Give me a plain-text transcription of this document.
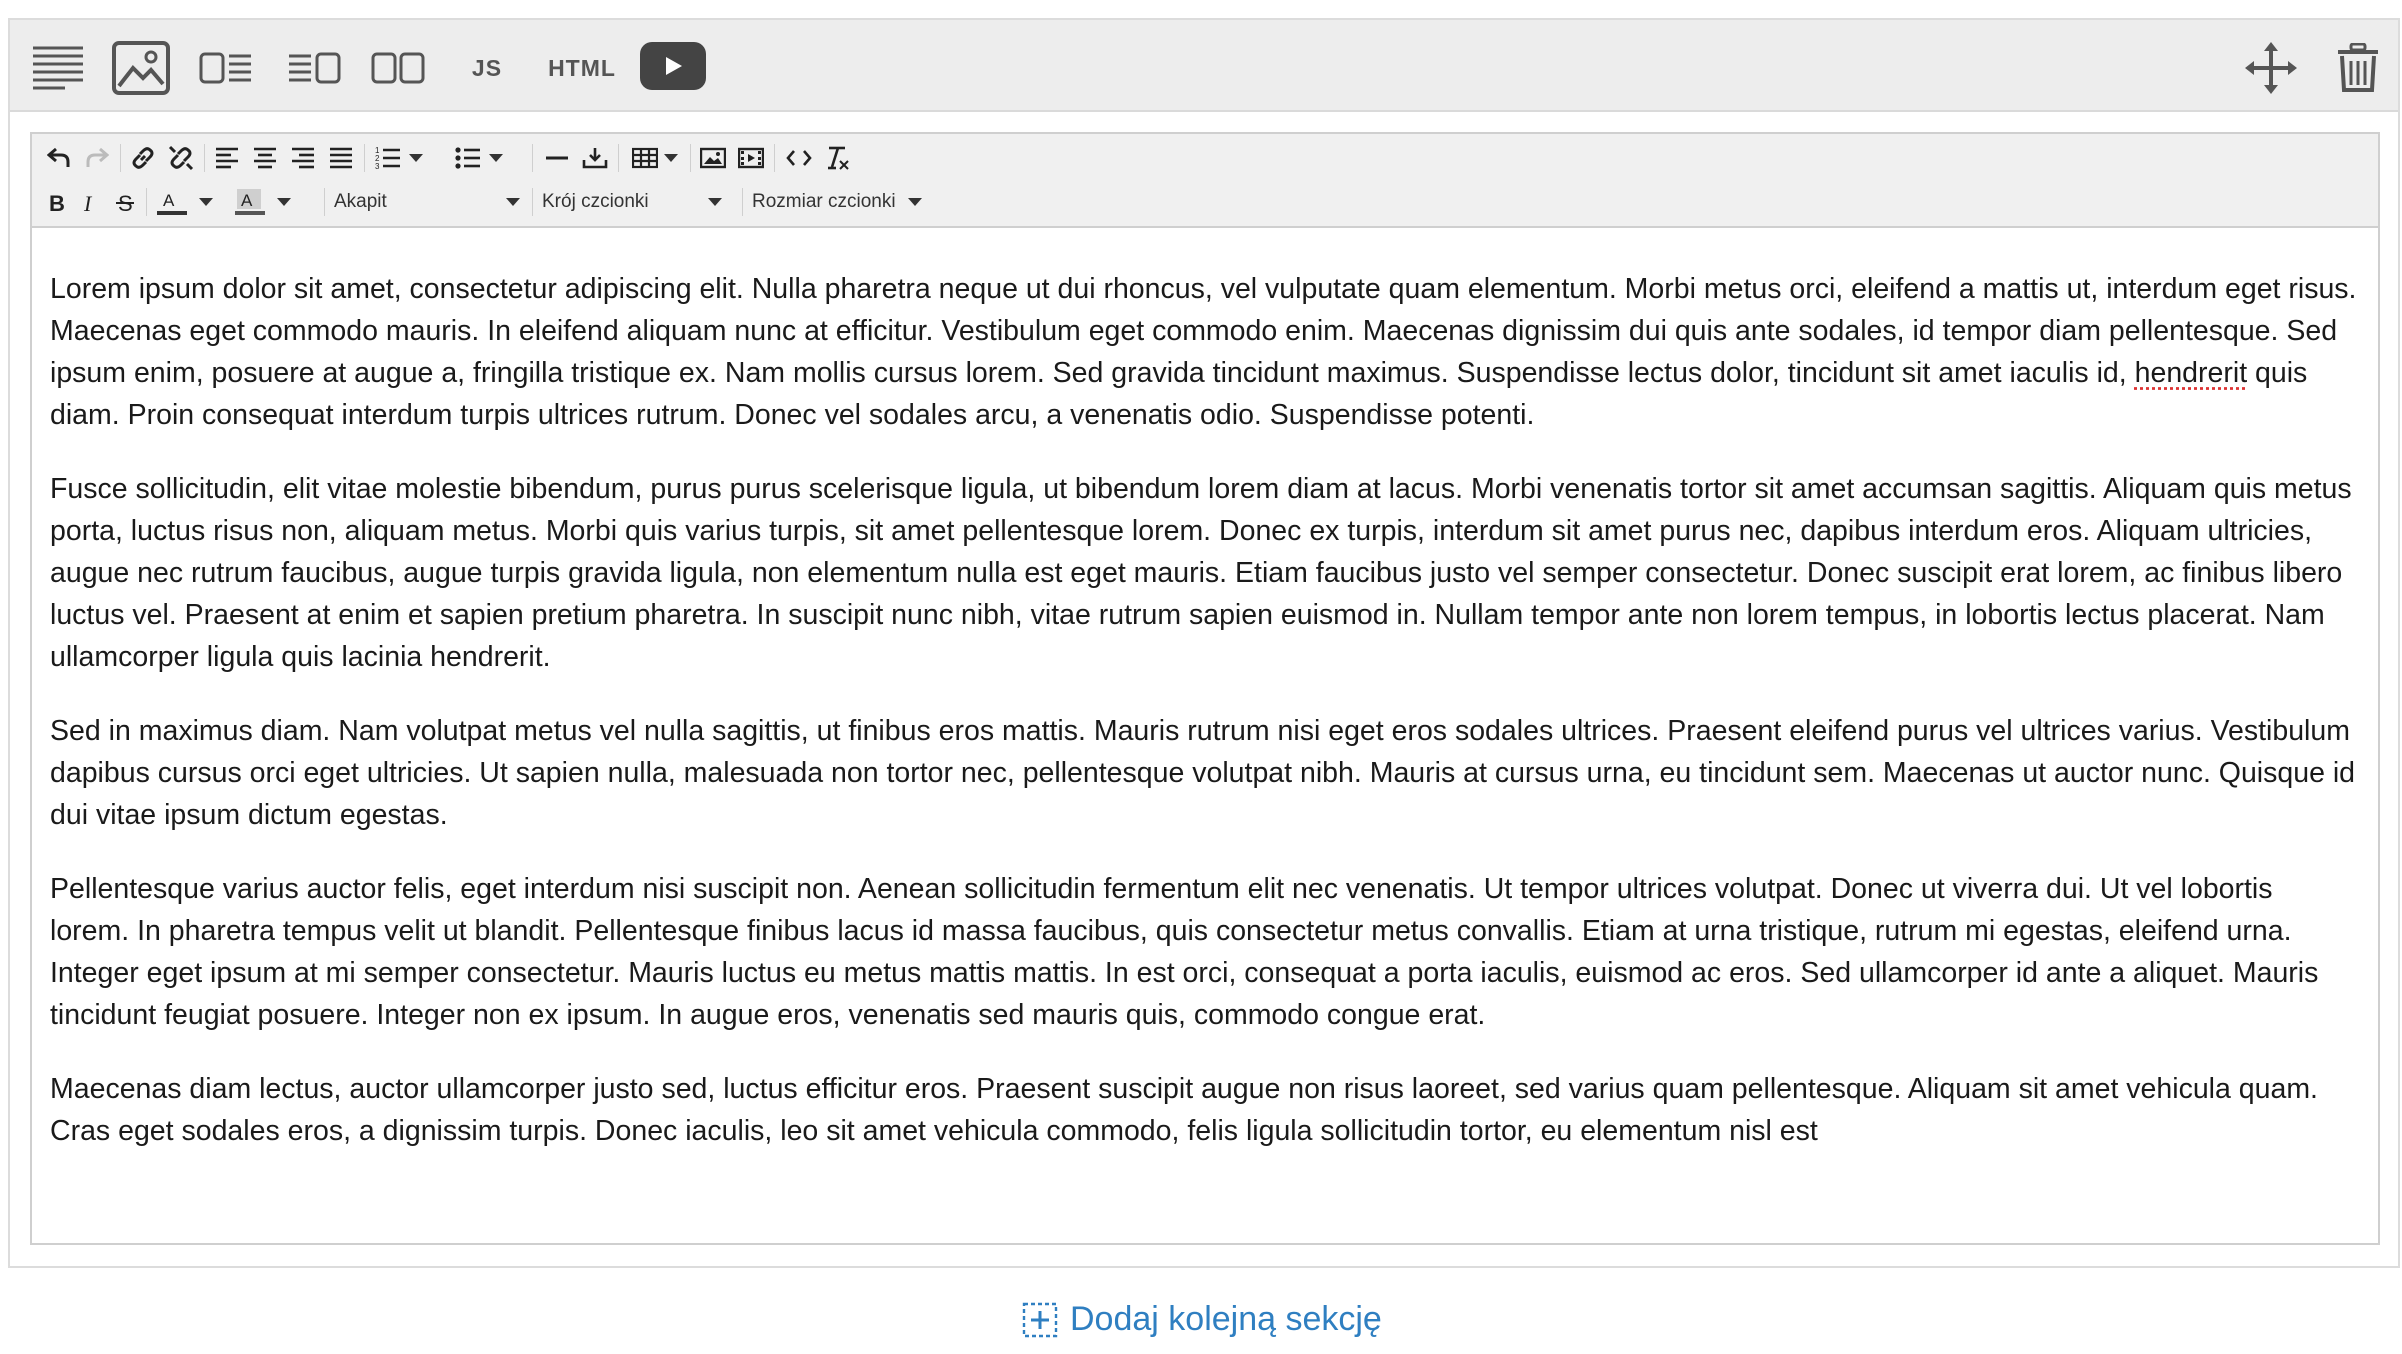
JS HTML
1
2
3
B I S A	A	Akapit	Krój czcionki	Rozmiar czcionki

Lorem ipsum dolor sit amet, consectetur adipiscing elit. Nulla pharetra neque ut dui rhoncus, vel vulputate quam elementum. Morbi metus orci, eleifend a mattis ut, interdum eget risus. Maecenas eget commodo mauris. In eleifend aliquam nunc at efficitur. Vestibulum eget commodo enim. Maecenas dignissim dui quis ante sodales, id tempor diam pellentesque. Sed ipsum enim, posuere at augue a, fringilla tristique ex. Nam mollis cursus lorem. Sed gravida tincidunt maximus. Suspendisse lectus dolor, tincidunt sit amet iaculis id, hendrerit quis diam. Proin consequat interdum turpis ultrices rutrum. Donec vel sodales arcu, a venenatis odio. Suspendisse potenti.

Fusce sollicitudin, elit vitae molestie bibendum, purus purus scelerisque ligula, ut bibendum lorem diam at lacus. Morbi venenatis tortor sit amet accumsan sagittis. Aliquam quis metus porta, luctus risus non, aliquam metus. Morbi quis varius turpis, sit amet pellentesque lorem. Donec ex turpis, interdum sit amet purus nec, dapibus interdum eros. Aliquam ultricies, augue nec rutrum faucibus, augue turpis gravida ligula, non elementum nulla est eget mauris. Etiam faucibus justo vel semper consectetur. Donec suscipit erat lorem, ac finibus libero luctus vel. Praesent at enim et sapien pretium pharetra. In suscipit nunc nibh, vitae rutrum sapien euismod in. Nullam tempor ante non lorem tempus, in lobortis lectus placerat. Nam ullamcorper ligula quis lacinia hendrerit.

Sed in maximus diam. Nam volutpat metus vel nulla sagittis, ut finibus eros mattis. Mauris rutrum nisi eget eros sodales ultrices. Praesent eleifend purus vel ultrices varius. Vestibulum dapibus cursus orci eget ultricies. Ut sapien nulla, malesuada non tortor nec, pellentesque volutpat nibh. Mauris at cursus urna, eu tincidunt sem. Maecenas ut auctor nunc. Quisque id dui vitae ipsum dictum egestas.

Pellentesque varius auctor felis, eget interdum nisi suscipit non. Aenean sollicitudin fermentum elit nec venenatis. Ut tempor ultrices volutpat. Donec ut viverra dui. Ut vel lobortis lorem. In pharetra tempus velit ut blandit. Pellentesque finibus lacus id massa faucibus, quis consectetur metus convallis. Etiam at urna tristique, rutrum mi egestas, eleifend urna. Integer eget ipsum at mi semper consectetur. Mauris luctus eu metus mattis mattis. In est orci, consequat a porta iaculis, euismod ac eros. Sed ullamcorper id ante a aliquet. Mauris tincidunt feugiat posuere. Integer non ex ipsum. In augue eros, venenatis sed mauris quis, commodo congue erat.

Maecenas diam lectus, auctor ullamcorper justo sed, luctus efficitur eros. Praesent suscipit augue non risus laoreet, sed varius quam pellentesque. Aliquam sit amet vehicula quam. Cras eget sodales eros, a dignissim turpis. Donec iaculis, leo sit amet vehicula commodo, felis ligula sollicitudin tortor, eu elementum nisl est

Dodaj kolejną sekcję
